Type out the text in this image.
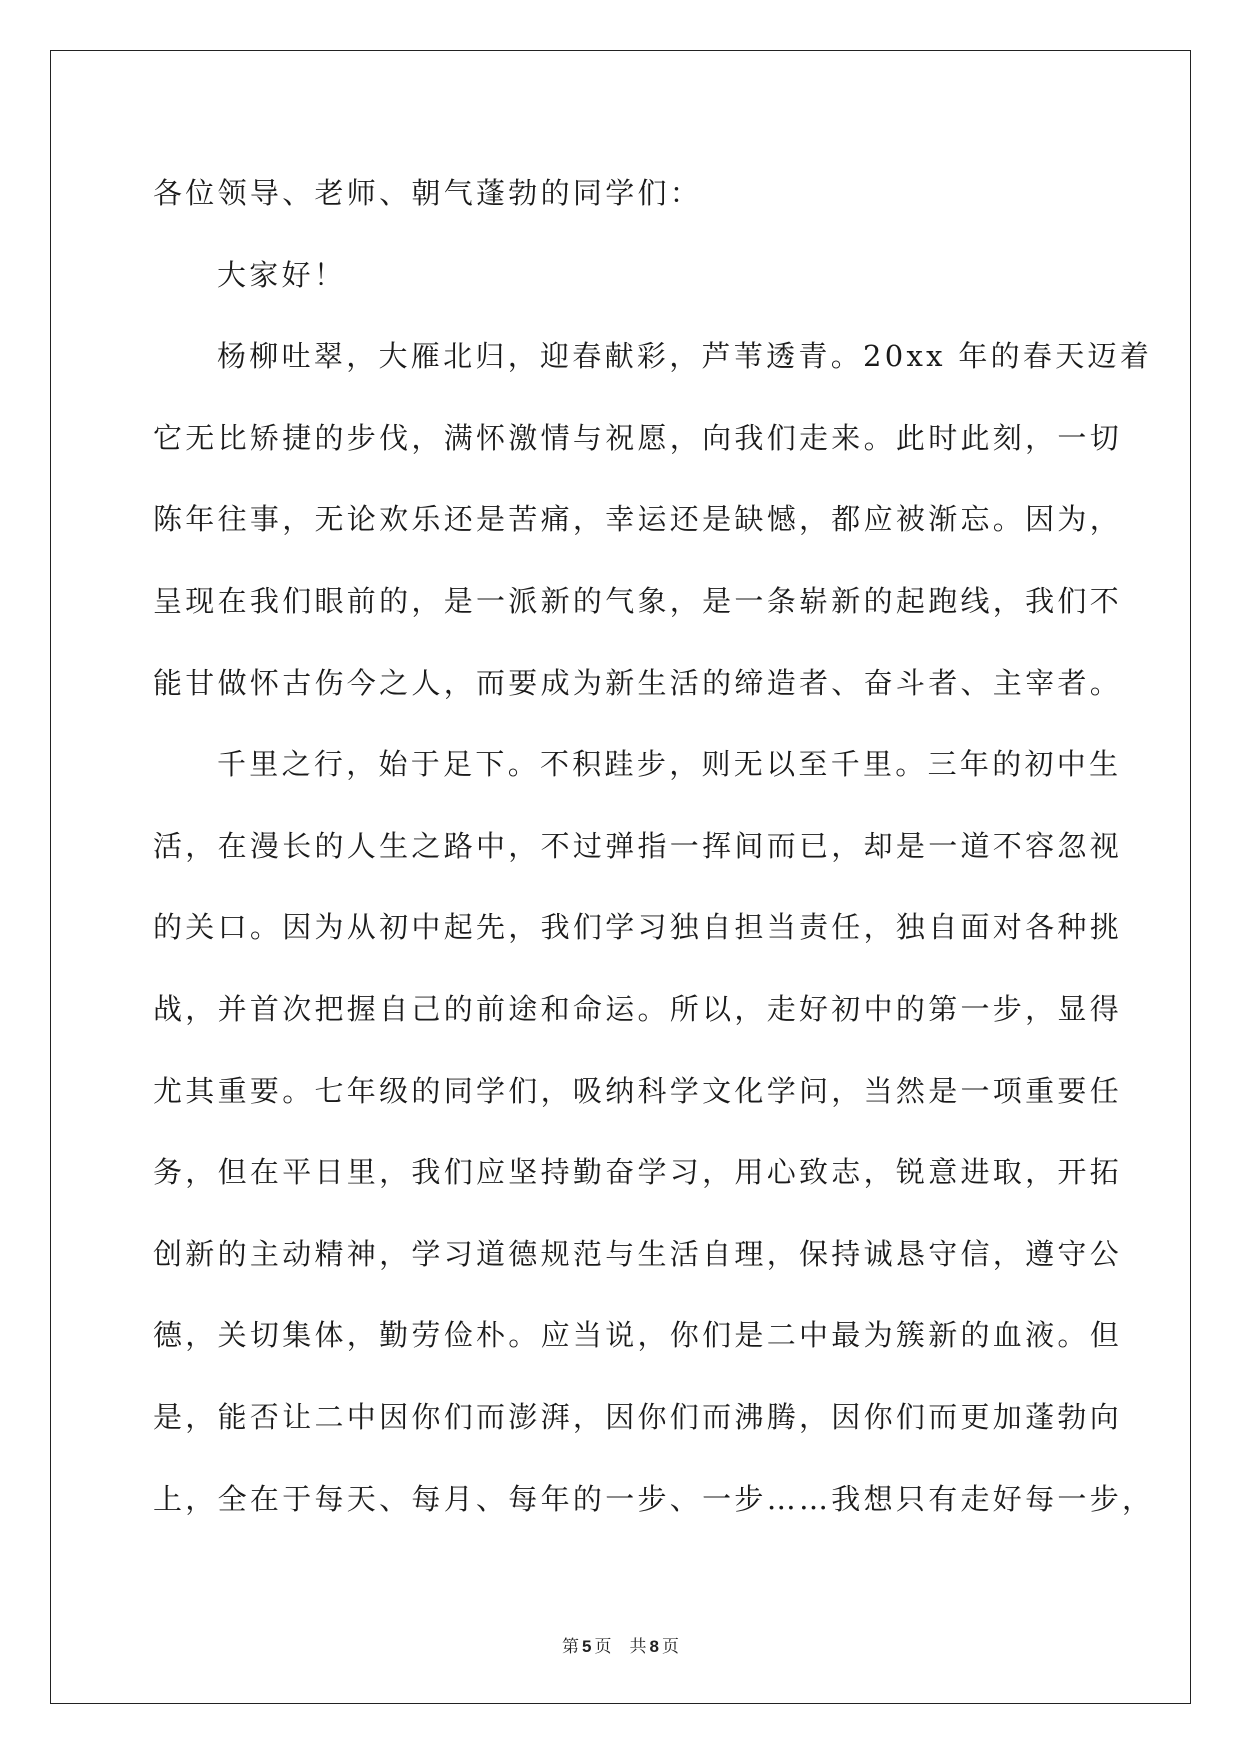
各位领导、老师、朝气蓬勃的同学们：
大家好！
杨柳吐翠，大雁北归，迎春献彩，芦苇透青。20xx 年的春天迈着
它无比矫捷的步伐，满怀激情与祝愿，向我们走来。此时此刻，一切
陈年往事，无论欢乐还是苦痛，幸运还是缺憾，都应被渐忘。因为，
呈现在我们眼前的，是一派新的气象，是一条崭新的起跑线，我们不
能甘做怀古伤今之人，而要成为新生活的缔造者、奋斗者、主宰者。
千里之行，始于足下。不积跬步，则无以至千里。三年的初中生
活，在漫长的人生之路中，不过弹指一挥间而已，却是一道不容忽视
的关口。因为从初中起先，我们学习独自担当责任，独自面对各种挑
战，并首次把握自己的前途和命运。所以，走好初中的第一步，显得
尤其重要。七年级的同学们，吸纳科学文化学问，当然是一项重要任
务，但在平日里，我们应坚持勤奋学习，用心致志，锐意进取，开拓
创新的主动精神，学习道德规范与生活自理，保持诚恳守信，遵守公
德，关切集体，勤劳俭朴。应当说，你们是二中最为簇新的血液。但
是，能否让二中因你们而澎湃，因你们而沸腾，因你们而更加蓬勃向
上，全在于每天、每月、每年的一步、一步……我想只有走好每一步，
第 5 页 共 8 页
